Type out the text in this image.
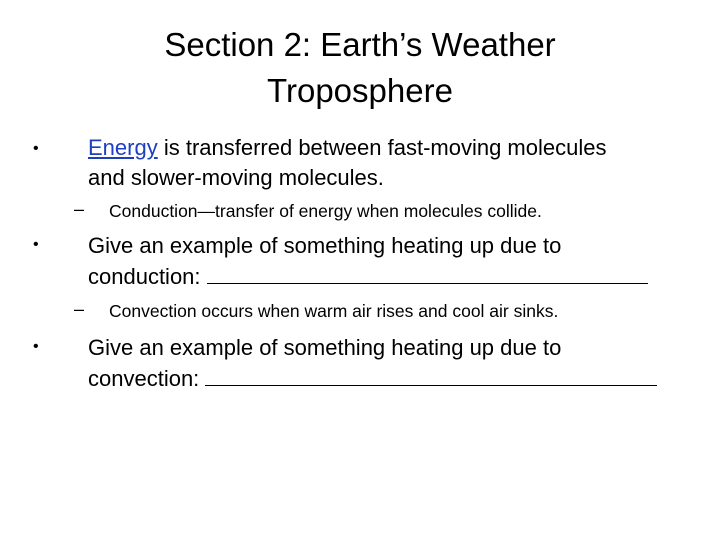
Section 2: Earth’s Weather
Troposphere
• Energy is transferred between fast-moving molecules
and slower-moving molecules.
– Conduction—transfer of energy when molecules collide.
• Give an example of something heating up due to
conduction:
– Convection occurs when warm air rises and cool air sinks.
• Give an example of something heating up due to
convection:
